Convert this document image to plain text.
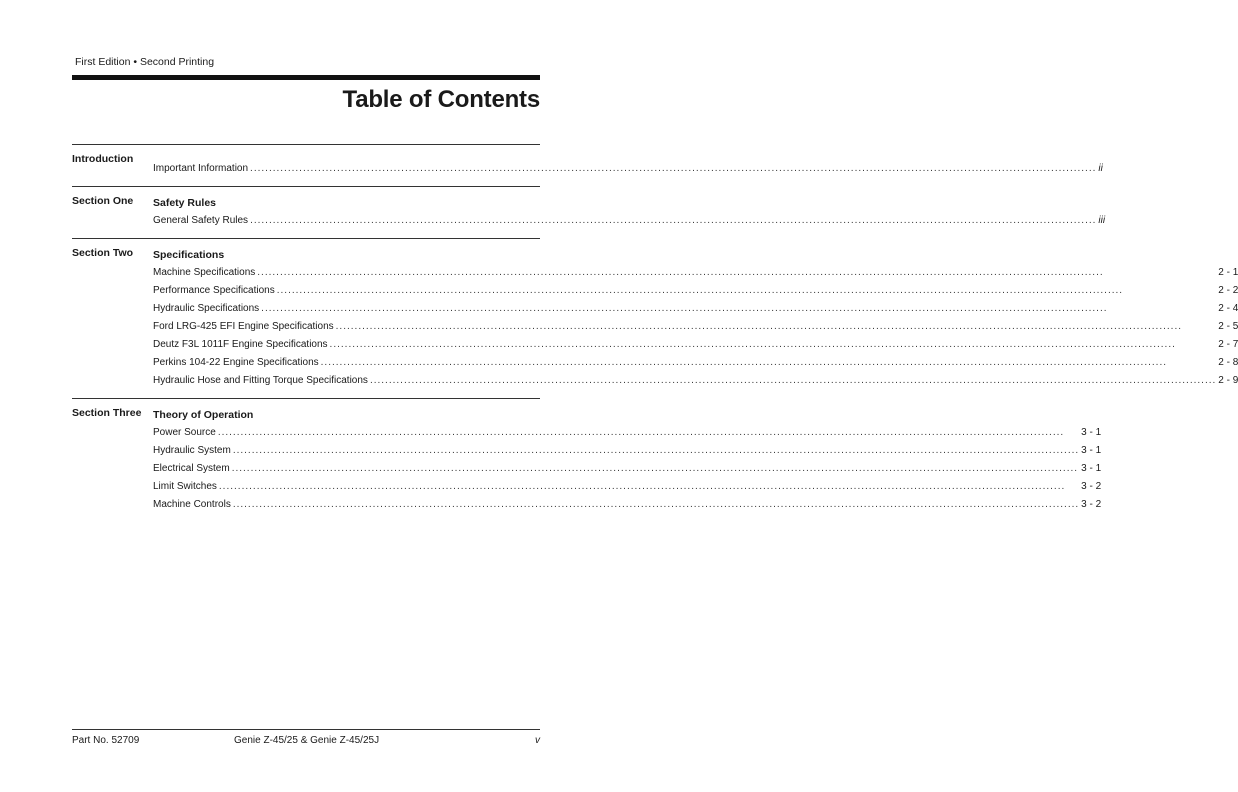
First Edition • Second Printing
Table of Contents
Introduction
Important Information .....	ii
Section One	Safety Rules
General Safety Rules .....	iii
Section Two	Specifications
Machine Specifications .....	2 - 1
Performance Specifications .....	2 - 2
Hydraulic Specifications .....	2 - 4
Ford LRG-425 EFI Engine Specifications .....	2 - 5
Deutz F3L 1011F Engine Specifications .....	2 - 7
Perkins 104-22 Engine Specifications .....	2 - 8
Hydraulic Hose and Fitting Torque Specifications .....	2 - 9
Section Three	Theory of Operation
Power Source .....	3 - 1
Hydraulic System .....	3 - 1
Electrical System .....	3 - 1
Limit Switches .....	3 - 2
Machine Controls .....	3 - 2
Part No. 52709	Genie Z-45/25 & Genie Z-45/25J	v
